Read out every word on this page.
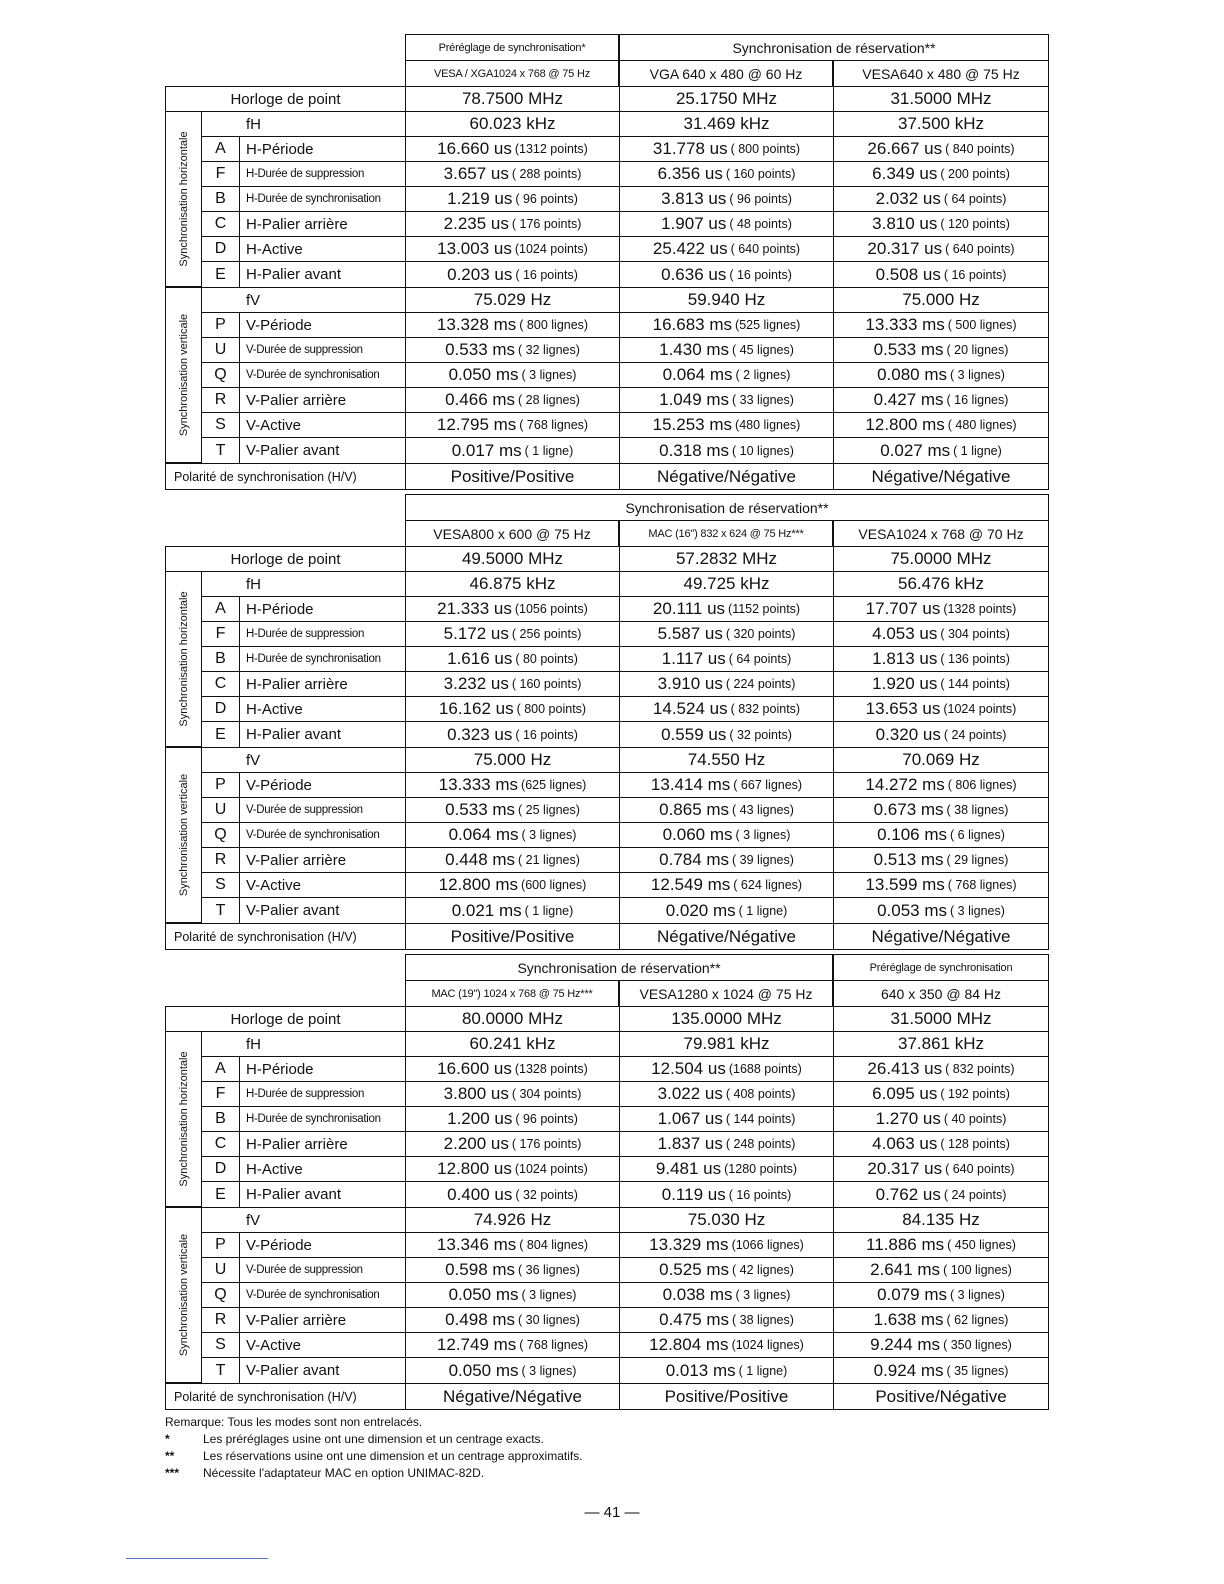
Préréglage de synchronisation*	Synchronisation de réservation**
VESA / XGA1024 x 768 @ 75 Hz	VGA 640 x 480 @ 60 Hz	VESA640 x 480 @ 75 Hz
Horloge de point	78.7500 MHz	25.1750 MHz	31.5000 MHz
Synchronisation horizontale
fH	60.023 kHz	31.469 kHz	37.500 kHz
A	H-Période	16.660 us (1312 points)	31.778 us ( 800 points)	26.667 us ( 840 points)
F	H-Durée de suppression	3.657 us ( 288 points)	6.356 us ( 160 points)	6.349 us ( 200 points)
B	H-Durée de synchronisation	1.219 us ( 96 points)	3.813 us ( 96 points)	2.032 us ( 64 points)
C	H-Palier arrière	2.235 us ( 176 points)	1.907 us ( 48 points)	3.810 us ( 120 points)
D	H-Active	13.003 us (1024 points)	25.422 us ( 640 points)	20.317 us ( 640 points)
E	H-Palier avant	0.203 us ( 16 points)	0.636 us ( 16 points)	0.508 us ( 16 points)
Synchronisation verticale
fV	75.029 Hz	59.940 Hz	75.000 Hz
P	V-Période	13.328 ms ( 800 lignes)	16.683 ms (525 lignes)	13.333 ms ( 500 lignes)
U	V-Durée de suppression	0.533 ms ( 32 lignes)	1.430 ms ( 45 lignes)	0.533 ms ( 20 lignes)
Q	V-Durée de synchronisation	0.050 ms ( 3 lignes)	0.064 ms ( 2 lignes)	0.080 ms ( 3 lignes)
R	V-Palier arrière	0.466 ms ( 28 lignes)	1.049 ms ( 33 lignes)	0.427 ms ( 16 lignes)
S	V-Active	12.795 ms ( 768 lignes)	15.253 ms (480 lignes)	12.800 ms ( 480 lignes)
T	V-Palier avant	0.017 ms ( 1 ligne)	0.318 ms ( 10 lignes)	0.027 ms ( 1 ligne)
Polarité de synchronisation (H/V)	Positive/Positive	Négative/Négative	Négative/Négative
Synchronisation de réservation**
VESA800 x 600 @ 75 Hz	MAC (16") 832 x 624 @ 75 Hz***	VESA1024 x 768 @ 70 Hz
Horloge de point	49.5000 MHz	57.2832 MHz	75.0000 MHz
Synchronisation horizontale
fH	46.875 kHz	49.725 kHz	56.476 kHz
A	H-Période	21.333 us (1056 points)	20.111 us (1152 points)	17.707 us (1328 points)
F	H-Durée de suppression	5.172 us ( 256 points)	5.587 us ( 320 points)	4.053 us ( 304 points)
B	H-Durée de synchronisation	1.616 us ( 80 points)	1.117 us ( 64 points)	1.813 us ( 136 points)
C	H-Palier arrière	3.232 us ( 160 points)	3.910 us ( 224 points)	1.920 us ( 144 points)
D	H-Active	16.162 us ( 800 points)	14.524 us ( 832 points)	13.653 us (1024 points)
E	H-Palier avant	0.323 us ( 16 points)	0.559 us ( 32 points)	0.320 us ( 24 points)
Synchronisation verticale
fV	75.000 Hz	74.550 Hz	70.069 Hz
P	V-Période	13.333 ms (625 lignes)	13.414 ms ( 667 lignes)	14.272 ms ( 806 lignes)
U	V-Durée de suppression	0.533 ms ( 25 lignes)	0.865 ms ( 43 lignes)	0.673 ms ( 38 lignes)
Q	V-Durée de synchronisation	0.064 ms ( 3 lignes)	0.060 ms ( 3 lignes)	0.106 ms ( 6 lignes)
R	V-Palier arrière	0.448 ms ( 21 lignes)	0.784 ms ( 39 lignes)	0.513 ms ( 29 lignes)
S	V-Active	12.800 ms (600 lignes)	12.549 ms ( 624 lignes)	13.599 ms ( 768 lignes)
T	V-Palier avant	0.021 ms ( 1 ligne)	0.020 ms ( 1 ligne)	0.053 ms ( 3 lignes)
Polarité de synchronisation (H/V)	Positive/Positive	Négative/Négative	Négative/Négative
Synchronisation de réservation**	Préréglage de synchronisation
MAC (19") 1024 x 768 @ 75 Hz***	VESA1280 x 1024 @ 75 Hz	640 x 350 @ 84 Hz
Horloge de point	80.0000 MHz	135.0000 MHz	31.5000 MHz
Synchronisation horizontale
fH	60.241 kHz	79.981 kHz	37.861 kHz
A	H-Période	16.600 us (1328 points)	12.504 us (1688 points)	26.413 us ( 832 points)
F	H-Durée de suppression	3.800 us ( 304 points)	3.022 us ( 408 points)	6.095 us ( 192 points)
B	H-Durée de synchronisation	1.200 us ( 96 points)	1.067 us ( 144 points)	1.270 us ( 40 points)
C	H-Palier arrière	2.200 us ( 176 points)	1.837 us ( 248 points)	4.063 us ( 128 points)
D	H-Active	12.800 us (1024 points)	9.481 us (1280 points)	20.317 us ( 640 points)
E	H-Palier avant	0.400 us ( 32 points)	0.119 us ( 16 points)	0.762 us ( 24 points)
Synchronisation verticale
fV	74.926 Hz	75.030 Hz	84.135 Hz
P	V-Période	13.346 ms ( 804 lignes)	13.329 ms (1066 lignes)	11.886 ms ( 450 lignes)
U	V-Durée de suppression	0.598 ms ( 36 lignes)	0.525 ms ( 42 lignes)	2.641 ms ( 100 lignes)
Q	V-Durée de synchronisation	0.050 ms ( 3 lignes)	0.038 ms ( 3 lignes)	0.079 ms ( 3 lignes)
R	V-Palier arrière	0.498 ms ( 30 lignes)	0.475 ms ( 38 lignes)	1.638 ms ( 62 lignes)
S	V-Active	12.749 ms ( 768 lignes)	12.804 ms (1024 lignes)	9.244 ms ( 350 lignes)
T	V-Palier avant	0.050 ms ( 3 lignes)	0.013 ms ( 1 ligne)	0.924 ms ( 35 lignes)
Polarité de synchronisation (H/V)	Négative/Négative	Positive/Positive	Positive/Négative
Remarque: Tous les modes sont non entrelacés.
*	Les préréglages usine ont une dimension et un centrage exacts.
**	Les réservations usine ont une dimension et un centrage approximatifs.
***	Nécessite l'adaptateur MAC en option UNIMAC-82D.
— 41 —
